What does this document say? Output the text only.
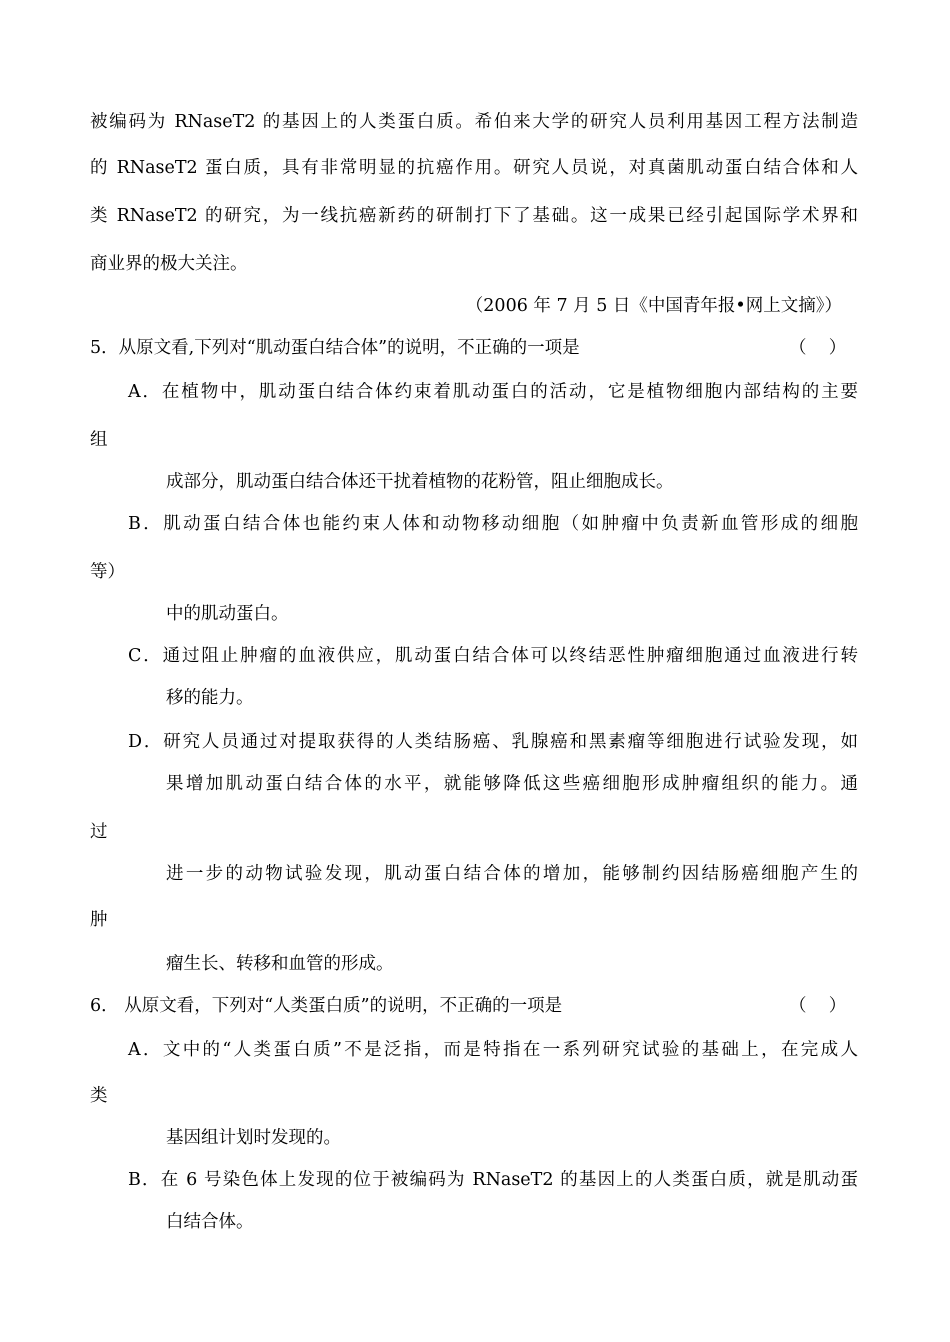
被编码为 RNaseT2 的基因上的人类蛋白质。希伯来大学的研究人员利用基因工程方法制造
的 RNaseT2 蛋白质，具有非常明显的抗癌作用。研究人员说，对真菌肌动蛋白结合体和人
类 RNaseT2 的研究，为一线抗癌新药的研制打下了基础。这一成果已经引起国际学术界和
商业界的极大关注。
（2006 年 7 月 5 日《中国青年报•网上文摘》）
5．从原文看,下列对“肌动蛋白结合体”的说明，不正确的一项是	（    ）
A．在植物中，肌动蛋白结合体约束着肌动蛋白的活动，它是植物细胞内部结构的主要
组
成部分，肌动蛋白结合体还干扰着植物的花粉管，阻止细胞成长。
B．肌动蛋白结合体也能约束人体和动物移动细胞（如肿瘤中负责新血管形成的细胞
等）
中的肌动蛋白。
C．通过阻止肿瘤的血液供应，肌动蛋白结合体可以终结恶性肿瘤细胞通过血液进行转
移的能力。
D．研究人员通过对提取获得的人类结肠癌、乳腺癌和黑素瘤等细胞进行试验发现，如
果增加肌动蛋白结合体的水平，就能够降低这些癌细胞形成肿瘤组织的能力。通
过
进一步的动物试验发现，肌动蛋白结合体的增加，能够制约因结肠癌细胞产生的
肿
瘤生长、转移和血管的形成。
6． 从原文看，下列对“人类蛋白质”的说明，不正确的一项是	（    ）
A．文中的“人类蛋白质”不是泛指，而是特指在一系列研究试验的基础上，在完成人
类
基因组计划时发现的。
B．在 6 号染色体上发现的位于被编码为 RNaseT2 的基因上的人类蛋白质，就是肌动蛋
白结合体。
